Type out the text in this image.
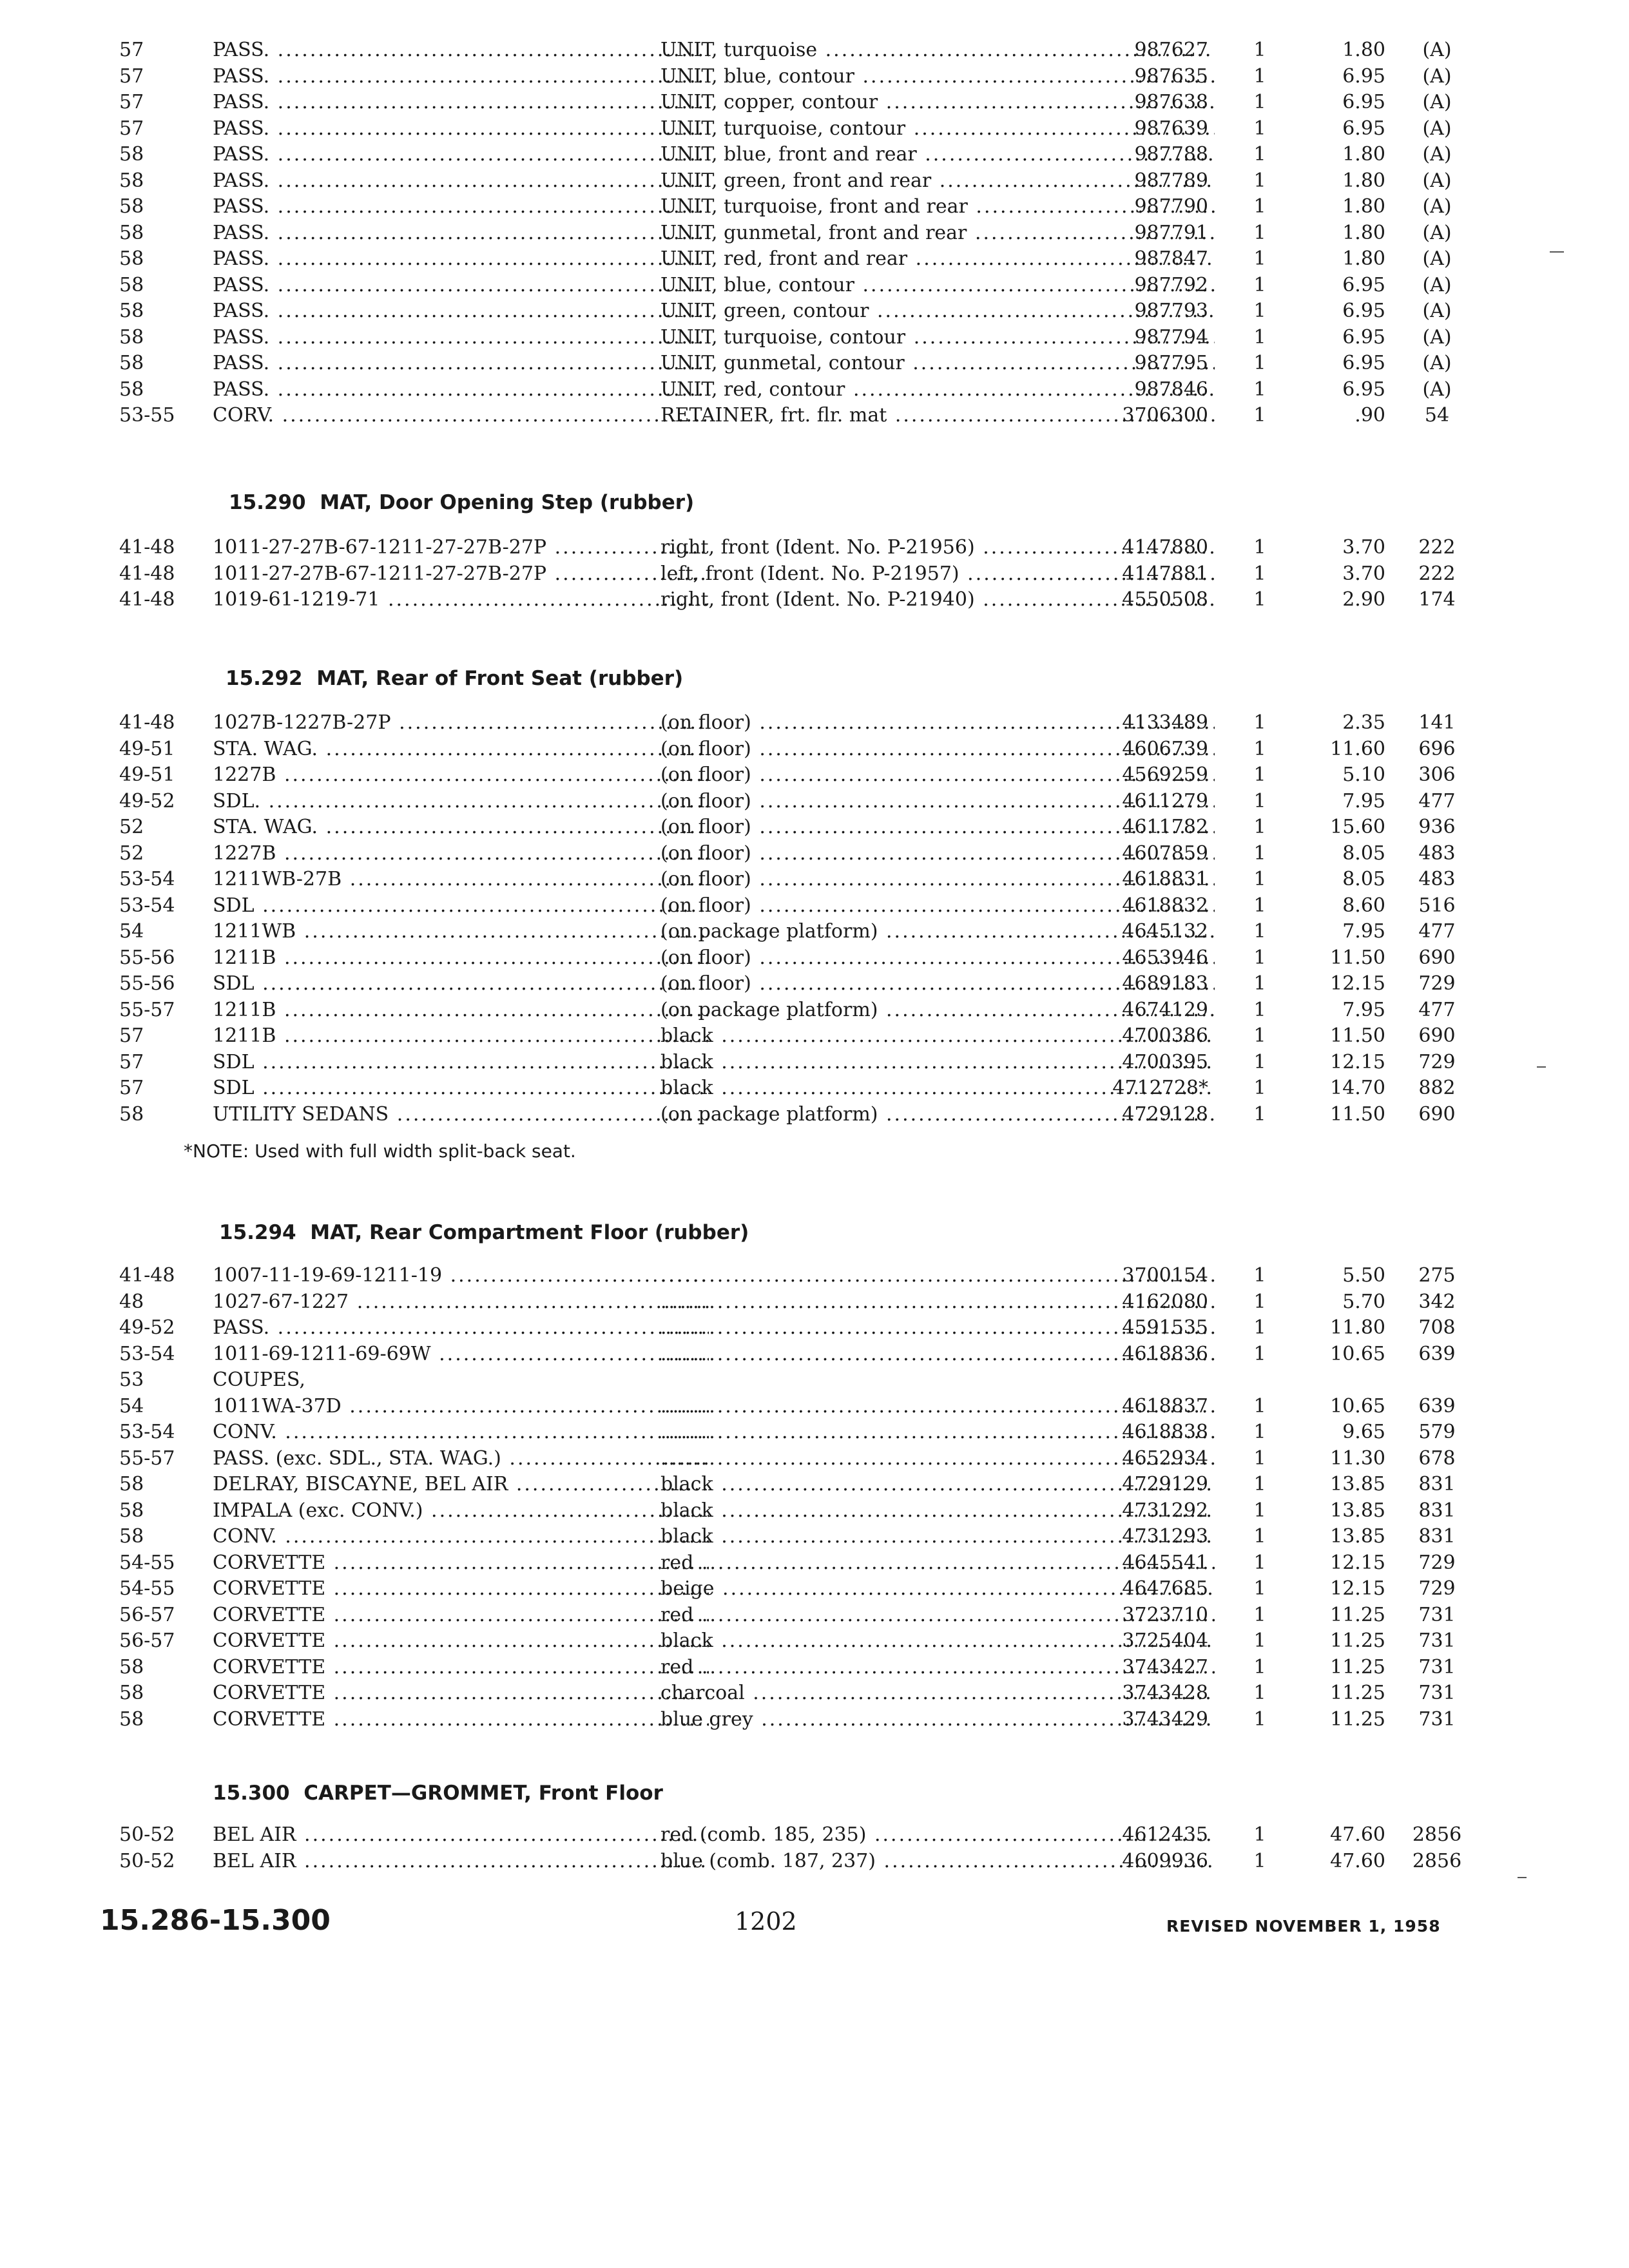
57	PASS. .....	UNIT, turquoise .....	987627 1	1.80	(A)
57	PASS. .....	UNIT, blue, contour .....	987635 1	6.95	(A)
57	PASS. .....	UNIT, copper, contour .....	987638 1	6.95	(A)
57	PASS. .....	UNIT, turquoise, contour .....	987639 1	6.95	(A)
58	PASS. .....	UNIT, blue, front and rear .....	987788 1	1.80	(A)
58	PASS. .....	UNIT, green, front and rear .....	987789 1	1.80	(A)
58	PASS. .....	UNIT, turquoise, front and rear .....	987790 1	1.80	(A)
58	PASS. .....	UNIT, gunmetal, front and rear .....	987791 1	1.80	(A)
58	PASS. .....	UNIT, red, front and rear .....	987847 1	1.80	(A)
58	PASS. .....	UNIT, blue, contour .....	987792 1	6.95	(A)
58	PASS. .....	UNIT, green, contour .....	987793 1	6.95	(A)
58	PASS. .....	UNIT, turquoise, contour .....	987794 1	6.95	(A)
58	PASS. .....	UNIT, gunmetal, contour .....	987795 1	6.95	(A)
58	PASS. .....	UNIT, red, contour .....	987846 1	6.95	(A)
53-55	CORV. .....	RETAINER, frt. flr. mat .....	3706300 1	.90	54
15.290 MAT, Door Opening Step (rubber)
41-48	1011-27-27B-67-1211-27-27B-27P .....	right, front (Ident. No. P-21956) .....	4147880 1	3.70	222
41-48	1011-27-27B-67-1211-27-27B-27P .....	left, front (Ident. No. P-21957) .....	4147881 1	3.70	222
41-48	1019-61-1219-71 .....	right, front (Ident. No. P-21940) .....	4550508 1	2.90	174
15.292 MAT, Rear of Front Seat (rubber)
41-48	1027B-1227B-27P .....	(on floor) .....	4133489 1	2.35	141
49-51	STA. WAG. .....	(on floor) .....	4606739 1	11.60	696
49-51	1227B .....	(on floor) .....	4569259 1	5.10	306
49-52	SDL. .....	(on floor) .....	4611279 1	7.95	477
52	STA. WAG. .....	(on floor) .....	4611782 1	15.60	936
52	1227B .....	(on floor) .....	4607859 1	8.05	483
53-54	1211WB-27B .....	(on floor) .....	4618831 1	8.05	483
53-54	SDL .....	(on floor) .....	4618832 1	8.60	516
54	1211WB .....	(on package platform) .....	4645132 1	7.95	477
55-56	1211B .....	(on floor) .....	4653946 1	11.50	690
55-56	SDL .....	(on floor) .....	4689183 1	12.15	729
55-57	1211B .....	(on package platform) .....	4674129 1	7.95	477
57	1211B .....	black .....	4700386 1	11.50	690
57	SDL .....	black .....	4700395 1	12.15	729
57	SDL .....	black .....	4712728* 1	14.70	882
58	UTILITY SEDANS .....	(on package platform) .....	4729128 1	11.50	690
*NOTE: Used with full width split-back seat.
15.294 MAT, Rear Compartment Floor (rubber)
41-48	1007-11-19-69-1211-19 ..... .....	3700154 1	5.50	275
48	1027-67-1227 ..... .....	4162080 1	5.70	342
49-52	PASS. ..... .....	4591535 1	11.80	708
53-54	1011-69-1211-69-69W ..... .....	4618836 1	10.65	639
53	COUPES,
54	1011WA-37D ..... .....	4618837 1	10.65	639
53-54	CONV. ..... .....	4618838 1	9.65	579
55-57	PASS. (exc. SDL., STA. WAG.) ..... .....	4652934 1	11.30	678
58	DELRAY, BISCAYNE, BEL AIR .....	black .....	4729129 1	13.85	831
58	IMPALA (exc. CONV.) .....	black .....	4731292 1	13.85	831
58	CONV. .....	black .....	4731293 1	13.85	831
54-55	CORVETTE .....	red .....	4645541 1	12.15	729
54-55	CORVETTE .....	beige .....	4647685 1	12.15	729
56-57	CORVETTE .....	red .....	3723710 1	11.25	731
56-57	CORVETTE .....	black .....	3725404 1	11.25	731
58	CORVETTE .....	red .....	3743427 1	11.25	731
58	CORVETTE .....	charcoal .....	3743428 1	11.25	731
58	CORVETTE .....	blue grey .....	3743429 1	11.25	731
15.300 CARPET—GROMMET, Front Floor
50-52	BEL AIR .....	red (comb. 185, 235) .....	4612435 1	47.60	2856
50-52	BEL AIR .....	blue (comb. 187, 237) .....	4609936 1	47.60	2856
15.286-15.300	1202	REVISED NOVEMBER 1, 1958
